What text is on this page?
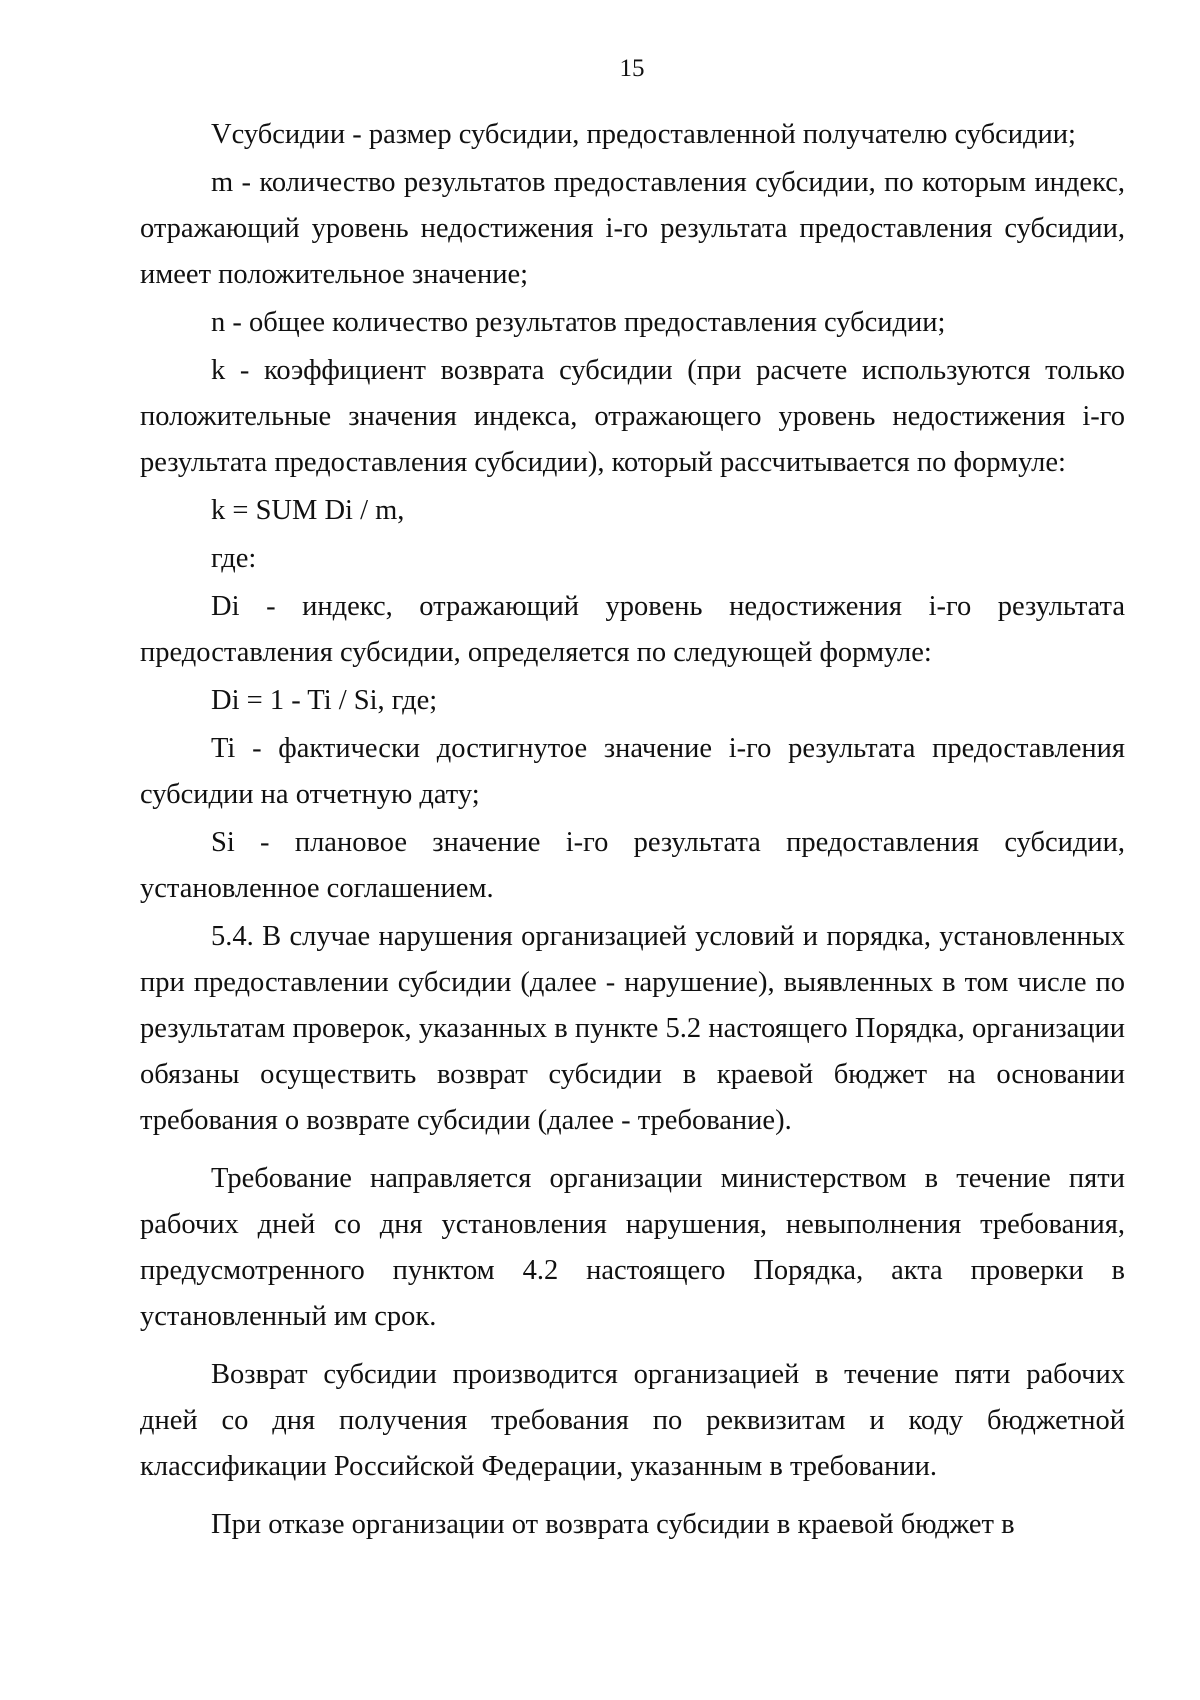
15

Vсубсидии - размер субсидии, предоставленной получателю субсидии;

m - количество результатов предоставления субсидии, по которым индекс, отражающий уровень недостижения i-го результата предоставления субсидии, имеет положительное значение;

n - общее количество результатов предоставления субсидии;

k - коэффициент возврата субсидии (при расчете используются только положительные значения индекса, отражающего уровень недостижения i-го результата предоставления субсидии), который рассчитывается по формуле:

k = SUM Di / m,

где:

Di - индекс, отражающий уровень недостижения i-го результата предоставления субсидии, определяется по следующей формуле:

Di = 1 - Ti / Si, где;

Ti - фактически достигнутое значение i-го результата предоставления субсидии на отчетную дату;

Si - плановое значение i-го результата предоставления субсидии, установленное соглашением.

5.4. В случае нарушения организацией условий и порядка, установленных при предоставлении субсидии (далее - нарушение), выявленных в том числе по результатам проверок, указанных в пункте 5.2 настоящего Порядка, организации обязаны осуществить возврат субсидии в краевой бюджет на основании требования о возврате субсидии (далее - требование).

Требование направляется организации министерством в течение пяти рабочих дней со дня установления нарушения, невыполнения требования, предусмотренного пунктом 4.2 настоящего Порядка, акта проверки в установленный им срок.

Возврат субсидии производится организацией в течение пяти рабочих дней со дня получения требования по реквизитам и коду бюджетной классификации Российской Федерации, указанным в требовании.

При отказе организации от возврата субсидии в краевой бюджет в
